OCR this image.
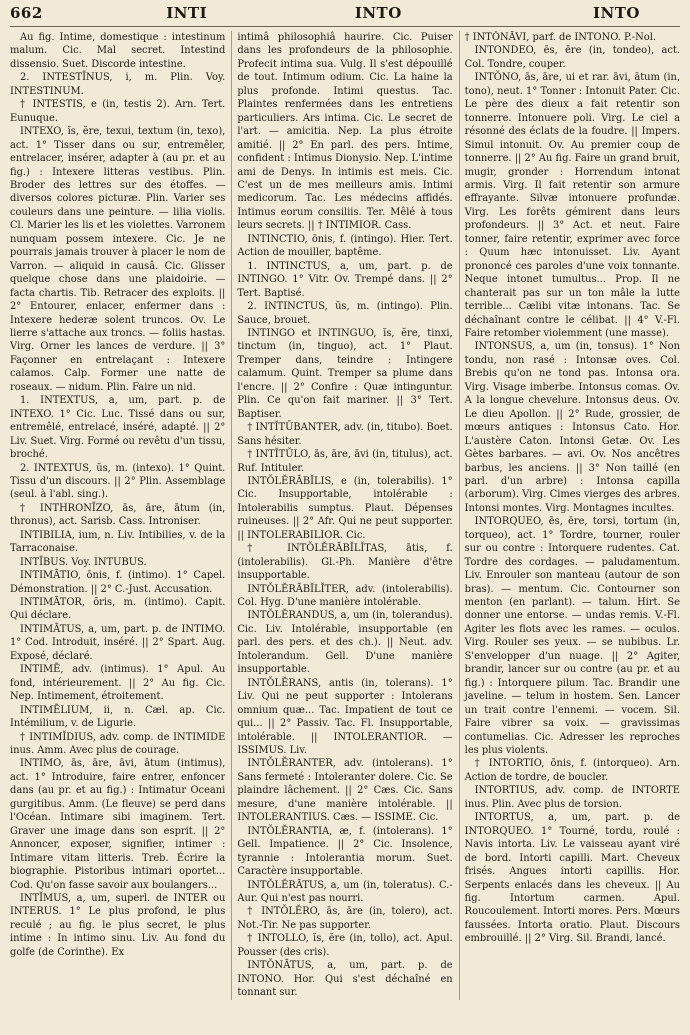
662	INTI	INTO	INTO

Au fig. Intime, domestique : intestinum malum. Cic. Mal secret. Intestind dissensio. Suet. Discorde intestine.

2. INTESTĪNUS, i, m. Plin. Voy. INTESTINUM.

† INTESTIS, e (in, testis 2). Arn. Tert. Eunuque.

INTEXO, ĭs, ĕre, texui, textum (in, texo), act. 1° Tisser dans ou sur, entremêler, entrelacer, insérer, adapter à (au pr. et au fig.) : Intexere litteras vestibus. Plin. Broder des lettres sur des étoffes. — diversos colores picturæ. Plin. Varier ses couleurs dans une peinture. — lilia violis. Cl. Marier les lis et les violettes. Varronem nunquam possem intexere. Cic. Je ne pourrais jamais trouver à placer le nom de Varron. — aliquid in causâ. Cic. Glisser quelque chose dans une plaidoirie. — facta chartis. Tib. Retracer des exploits. || 2° Entourer, enlacer, enfermer dans : Intexere hederæ solent truncos. Ov. Le lierre s'attache aux troncs. — foliis hastas. Virg. Orner les lances de verdure. || 3° Façonner en entrelaçant : Intexere calamos. Calp. Former une natte de roseaux. — nidum. Plin. Faire un nid.

1. INTEXTUS, a, um, part. p. de INTEXO. 1° Cic. Luc. Tissé dans ou sur, entremêlé, entrelacé, inséré, adapté. || 2° Liv. Suet. Virg. Formé ou revêtu d'un tissu, broché.

2. INTEXTUS, ŭs, m. (intexo). 1° Quint. Tissu d'un discours. || 2° Plin. Assemblage (seul. à l'abl. sing.).

† INTHRONĪZO, ās, āre, ātum (in, thronus), act. Sarisb. Cass. Introniser.

INTIBILIA, ium, n. Liv. Intibilies, v. de la Tarraconaise.

INTĪBUS. Voy. INTUBUS.

INTIMĀTIO, ōnis, f. (intimo). 1° Capel. Démonstration. || 2° C.-Just. Accusation.

INTIMĀTOR, ōris, m. (intimo). Capit. Qui déclare.

INTIMĀTUS, a, um, part. p. de INTIMO. 1° Cod. Introduit, inséré. || 2° Spart. Aug. Exposé, déclaré.

INTIMĒ, adv. (intimus). 1° Apul. Au fond, intérieurement. || 2° Au fig. Cic. Nep. Intimement, étroitement.

INTIMĒLIUM, ii, n. Cæl. ap. Cic. Intémilium, v. de Ligurie.

† INTIMĬDIUS, adv. comp. de INTIMIDE inus. Amm. Avec plus de courage.

INTIMO, ās, āre, āvi, ātum (intimus), act. 1° Introduire, faire entrer, enfoncer dans (au pr. et au fig.) : Intimatur Oceani gurgitibus. Amm. (Le fleuve) se perd dans l'Océan. Intimare sibi imaginem. Tert. Graver une image dans son esprit. || 2° Annoncer, exposer, signifier, intimer : Intimare vitam litteris. Treb. Écrire la biographie. Pistoribus intimari oportet... Cod. Qu'on fasse savoir aux boulangers...

INTĬMUS, a, um, superl. de INTER ou INTERUS. 1° Le plus profond, le plus reculé ; au fig. le plus secret, le plus intime : In intimo sinu. Liv. Au fond du golfe (de Corinthe). Ex

intimâ philosophiâ haurire. Cic. Puiser dans les profondeurs de la philosophie. Profecit intima sua. Vulg. Il s'est dépouillé de tout. Intimum odium. Cic. La haine la plus profonde. Intimi questus. Tac. Plaintes renfermées dans les entretiens particuliers. Ars intima. Cic. Le secret de l'art. — amicitia. Nep. La plus étroite amitié. || 2° En parl. des pers. Intime, confident : Intimus Dionysio. Nep. L'intime ami de Denys. In intimis est meis. Cic. C'est un de mes meilleurs amis. Intimi medicorum. Tac. Les médecins affidés. Intimus eorum consiliis. Ter. Mêlé à tous leurs secrets. || † INTIMIOR. Cass.

INTINCTIO, ōnis, f. (intingo). Hier. Tert. Action de mouiller, baptême.

1. INTINCTUS, a, um, part. p. de INTINGO. 1° Vitr. Ov. Trempé dans. || 2° Tert. Baptisé.

2. INTINCTUS, ŭs, m. (intingo). Plin. Sauce, brouet.

INTINGO et INTINGUO, ĭs, ĕre, tinxi, tinctum (in, tinguo), act. 1° Plaut. Tremper dans, teindre : Intingere calamum. Quint. Tremper sa plume dans l'encre. || 2° Confire : Quæ intinguntur. Plin. Ce qu'on fait mariner. || 3° Tert. Baptiser.

† INTĬTŪBANTER, adv. (in, titubo). Boet. Sans hésiter.

† INTĬTŬLO, ās, āre, āvi (in, titulus), act. Ruf. Intituler.

INTŎLĔRĀBĬLIS, e (in, tolerabilis). 1° Cic. Insupportable, intolérable : Intolerabilis sumptus. Plaut. Dépenses ruineuses. || 2° Afr. Qui ne peut supporter. || INTOLERABILIOR. Cic.

† INTŎLĔRĀBĬLĬTAS, ātis, f. (intolerabilis). Gl.-Ph. Manière d'être insupportable.

INTŎLĔRĀBĬLĬTER, adv. (intolerabilis). Col. Hyg. D'une manière intolérable.

INTŎLĔRANDUS, a, um (in, tolerandus). Cic. Liv. Intolérable, insupportable (en parl. des pers. et des ch.). || Neut. adv. Intolerandum. Gell. D'une manière insupportable.

INTŎLĔRANS, antis (in, tolerans). 1° Liv. Qui ne peut supporter : Intolerans omnium quæ... Tac. Impatient de tout ce qui... || 2° Passiv. Tac. Fl. Insupportable, intolérable. || INTOLERANTIOR. — ISSIMUS. Liv.

INTŎLĔRANTER, adv. (intolerans). 1° Sans fermeté : Intoleranter dolere. Cic. Se plaindre lâchement. || 2° Cæs. Cic. Sans mesure, d'une manière intolérable. || INTOLERANTIUS. Cæs. — ISSIME. Cic.

INTŎLĔRANTIA, æ, f. (intolerans). 1° Gell. Impatience. || 2° Cic. Insolence, tyrannie : Intolerantia morum. Suet. Caractère insupportable.

INTŎLĔRĀTUS, a, um (in, toleratus). C.-Aur. Qui n'est pas nourri.

† INTŎLĔRO, ās, āre (in, tolero), act. Not.-Tir. Ne pas supporter.

† INTOLLO, ĭs, ĕre (in, tollo), act. Apul. Pousser (des cris).

INTŎNĀTUS, a, um, part. p. de INTONO. Hor. Qui s'est déchaîné en tonnant sur.

† INTŎNĀVI, parf. de INTONO. P.-Nol.

INTONDEO, ēs, ēre (in, tondeo), act. Col. Tondre, couper.

INTŎNO, ās, āre, ui et rar. āvi, ātum (in, tono), neut. 1° Tonner : Intonuit Pater. Cic. Le père des dieux a fait retentir son tonnerre. Intonuere poli. Virg. Le ciel a résonné des éclats de la foudre. || Impers. Simul intonuit. Ov. Au premier coup de tonnerre. || 2° Au fig. Faire un grand bruit, mugir, gronder : Horrendum intonat armis. Virg. Il fait retentir son armure effrayante. Silvæ intonuere profundæ. Virg. Les forêts gémirent dans leurs profondeurs. || 3° Act. et neut. Faire tonner, faire retentir, exprimer avec force : Quum hæc intonuisset. Liv. Ayant prononcé ces paroles d'une voix tonnante. Neque intonet tumultus... Prop. Il ne chanterait pas sur un ton mâle la lutte terrible... Cælibi vitæ intonans. Tac. Se déchaînant contre le célibat. || 4° V.-Fl. Faire retomber violemment (une masse).

INTONSUS, a, um (in, tonsus). 1° Non tondu, non rasé : Intonsæ oves. Col. Brebis qu'on ne tond pas. Intonsa ora. Virg. Visage imberbe. Intonsus comas. Ov. A la longue chevelure. Intonsus deus. Ov. Le dieu Apollon. || 2° Rude, grossier, de mœurs antiques : Intonsus Cato. Hor. L'austère Caton. Intonsi Getæ. Ov. Les Gètes barbares. — avi. Ov. Nos ancêtres barbus, les anciens. || 3° Non taillé (en parl. d'un arbre) : Intonsa capilla (arborum). Virg. Cimes vierges des arbres. Intonsi montes. Virg. Montagnes incultes.

INTORQUEO, ēs, ēre, torsi, tortum (in, torqueo), act. 1° Tordre, tourner, rouler sur ou contre : Intorquere rudentes. Cat. Tordre des cordages. — paludamentum. Liv. Enrouler son manteau (autour de son bras). — mentum. Cic. Contourner son menton (en parlant). — talum. Hirt. Se donner une entorse. — undas remis. V.-Fl. Agiter les flots avec les rames. — oculos. Virg. Rouler ses yeux. — se nubibus. Lr. S'envelopper d'un nuage. || 2° Agiter, brandir, lancer sur ou contre (au pr. et au fig.) : Intorquere pilum. Tac. Brandir une javeline. — telum in hostem. Sen. Lancer un trait contre l'ennemi. — vocem. Sil. Faire vibrer sa voix. — gravissimas contumelias. Cic. Adresser les reproches les plus violents.

† INTORTIO, ōnis, f. (intorqueo). Arn. Action de tordre, de boucler.

INTORTIUS, adv. comp. de INTORTE inus. Plin. Avec plus de torsion.

INTORTUS, a, um, part. p. de INTORQUEO. 1° Tourné, tordu, roulé : Navis intorta. Liv. Le vaisseau ayant viré de bord. Intorti capilli. Mart. Cheveux frisés. Angues intorti capillis. Hor. Serpents enlacés dans les cheveux. || Au fig. Intortum carmen. Apul. Roucoulement. Intorti mores. Pers. Mœurs faussées. Intorta oratio. Plaut. Discours embrouillé. || 2° Virg. Sil. Brandi, lancé.
